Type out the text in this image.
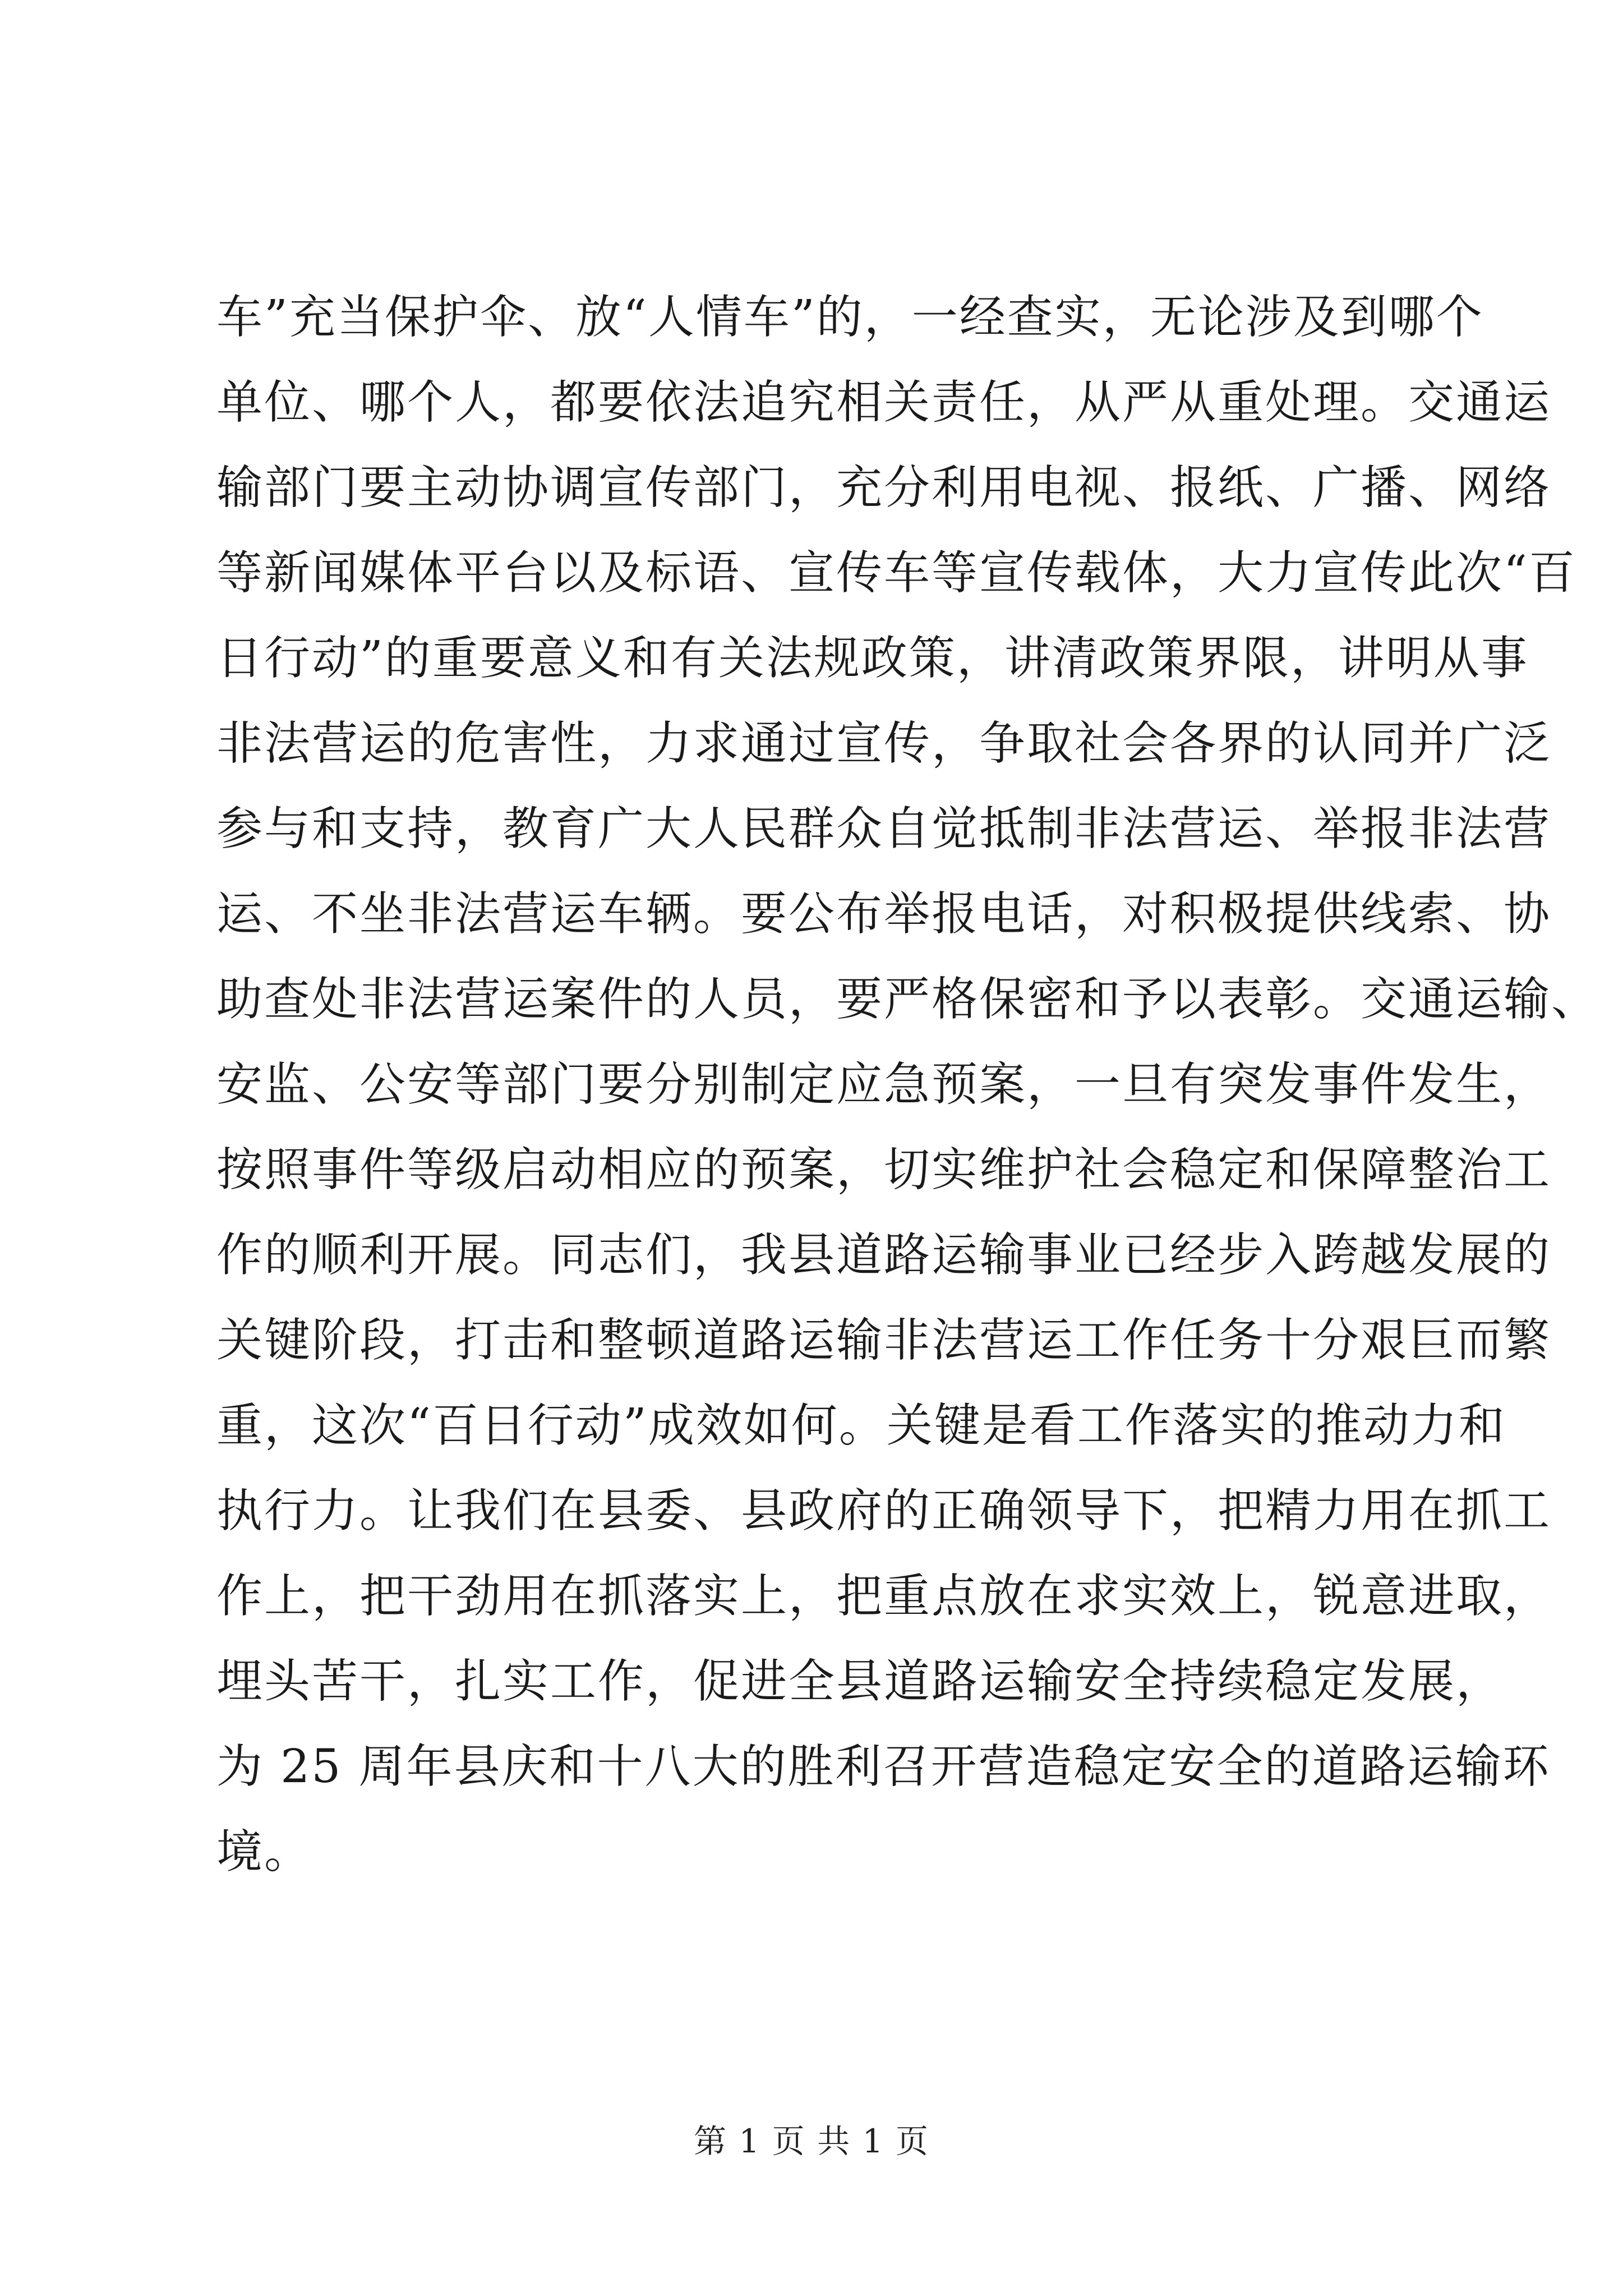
车”充当保护伞、放“人情车”的，一经查实，无论涉及到哪个
单位、哪个人，都要依法追究相关责任，从严从重处理。交通运
输部门要主动协调宣传部门，充分利用电视、报纸、广播、网络
等新闻媒体平台以及标语、宣传车等宣传载体，大力宣传此次“百
日行动”的重要意义和有关法规政策，讲清政策界限，讲明从事
非法营运的危害性，力求通过宣传，争取社会各界的认同并广泛
参与和支持，教育广大人民群众自觉抵制非法营运、举报非法营
运、不坐非法营运车辆。要公布举报电话，对积极提供线索、协
助查处非法营运案件的人员，要严格保密和予以表彰。交通运输、
安监、公安等部门要分别制定应急预案，一旦有突发事件发生，
按照事件等级启动相应的预案，切实维护社会稳定和保障整治工
作的顺利开展。同志们，我县道路运输事业已经步入跨越发展的
关键阶段，打击和整顿道路运输非法营运工作任务十分艰巨而繁
重，这次“百日行动”成效如何。关键是看工作落实的推动力和
执行力。让我们在县委、县政府的正确领导下，把精力用在抓工
作上，把干劲用在抓落实上，把重点放在求实效上，锐意进取，
埋头苦干，扎实工作，促进全县道路运输安全持续稳定发展，
为 25 周年县庆和十八大的胜利召开营造稳定安全的道路运输环
境。
第 1 页 共 1 页
